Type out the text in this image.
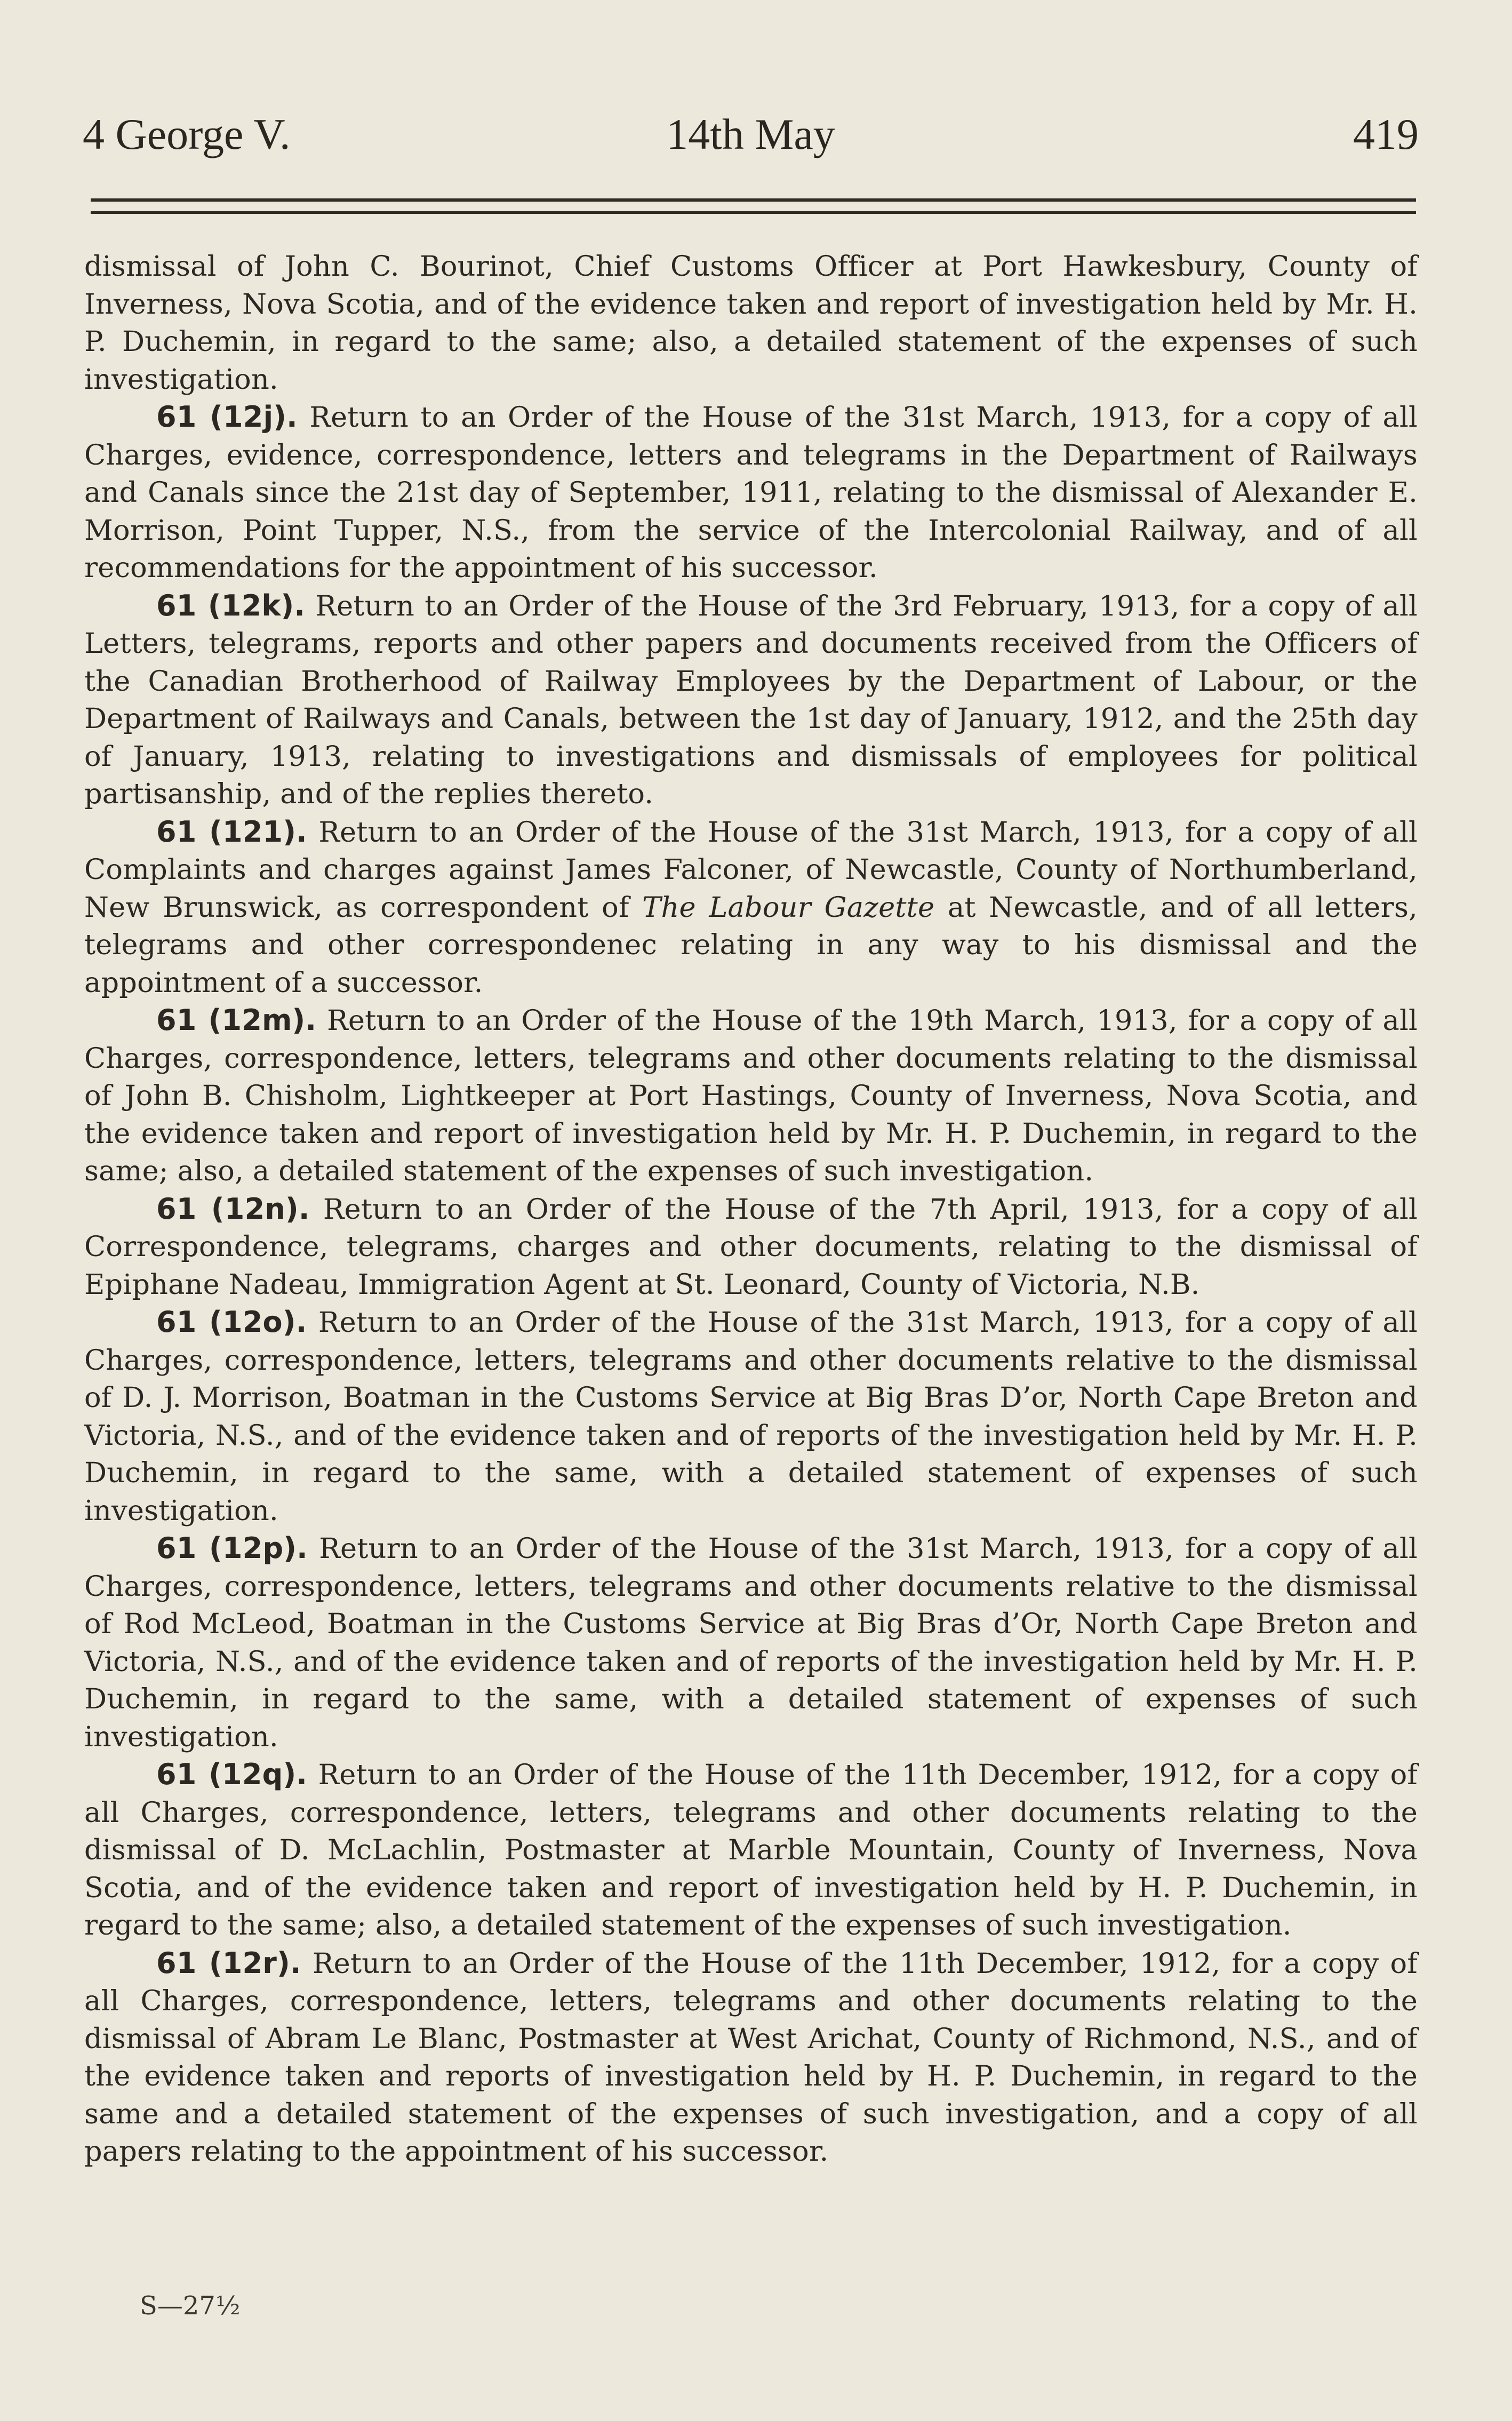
4 George V.	14th May	419

dismissal of John C. Bourinot, Chief Customs Officer at Port Hawkesbury, County of Inverness, Nova Scotia, and of the evidence taken and report of investigation held by Mr. H. P. Duchemin, in regard to the same; also, a detailed statement of the expenses of such investigation.

61 (12j). Return to an Order of the House of the 31st March, 1913, for a copy of all Charges, evidence, correspondence, letters and telegrams in the Department of Railways and Canals since the 21st day of September, 1911, relating to the dismissal of Alexander E. Morrison, Point Tupper, N.S., from the service of the Intercolonial Railway, and of all recommendations for the appointment of his successor.

61 (12k). Return to an Order of the House of the 3rd February, 1913, for a copy of all Letters, telegrams, reports and other papers and documents received from the Officers of the Canadian Brotherhood of Railway Employees by the Department of Labour, or the Department of Railways and Canals, between the 1st day of January, 1912, and the 25th day of January, 1913, relating to investigations and dismissals of employees for political partisanship, and of the replies thereto.

61 (121). Return to an Order of the House of the 31st March, 1913, for a copy of all Complaints and charges against James Falconer, of Newcastle, County of Northumberland, New Brunswick, as correspondent of The Labour Gazette at Newcastle, and of all letters, telegrams and other correspondenec relating in any way to his dismissal and the appointment of a successor.

61 (12m). Return to an Order of the House of the 19th March, 1913, for a copy of all Charges, correspondence, letters, telegrams and other documents relating to the dismissal of John B. Chisholm, Lightkeeper at Port Hastings, County of Inverness, Nova Scotia, and the evidence taken and report of investigation held by Mr. H. P. Duchemin, in regard to the same; also, a detailed statement of the expenses of such investigation.

61 (12n). Return to an Order of the House of the 7th April, 1913, for a copy of all Correspondence, telegrams, charges and other documents, relating to the dismissal of Epiphane Nadeau, Immigration Agent at St. Leonard, County of Victoria, N.B.

61 (12o). Return to an Order of the House of the 31st March, 1913, for a copy of all Charges, correspondence, letters, telegrams and other documents relative to the dismissal of D. J. Morrison, Boatman in the Customs Service at Big Bras D’or, North Cape Breton and Victoria, N.S., and of the evidence taken and of reports of the investigation held by Mr. H. P. Duchemin, in regard to the same, with a detailed statement of expenses of such investigation.

61 (12p). Return to an Order of the House of the 31st March, 1913, for a copy of all Charges, correspondence, letters, telegrams and other documents relative to the dismissal of Rod McLeod, Boatman in the Customs Service at Big Bras d’Or, North Cape Breton and Victoria, N.S., and of the evidence taken and of reports of the investigation held by Mr. H. P. Duchemin, in regard to the same, with a detailed statement of expenses of such investigation.

61 (12q). Return to an Order of the House of the 11th December, 1912, for a copy of all Charges, correspondence, letters, telegrams and other documents relating to the dismissal of D. McLachlin, Postmaster at Marble Mountain, County of Inverness, Nova Scotia, and of the evidence taken and report of investigation held by H. P. Duchemin, in regard to the same; also, a detailed statement of the expenses of such investigation.

61 (12r). Return to an Order of the House of the 11th December, 1912, for a copy of all Charges, correspondence, letters, telegrams and other documents relating to the dismissal of Abram Le Blanc, Postmaster at West Arichat, County of Richmond, N.S., and of the evidence taken and reports of investigation held by H. P. Duchemin, in regard to the same and a detailed statement of the expenses of such investigation, and a copy of all papers relating to the appointment of his successor.

S—27½
